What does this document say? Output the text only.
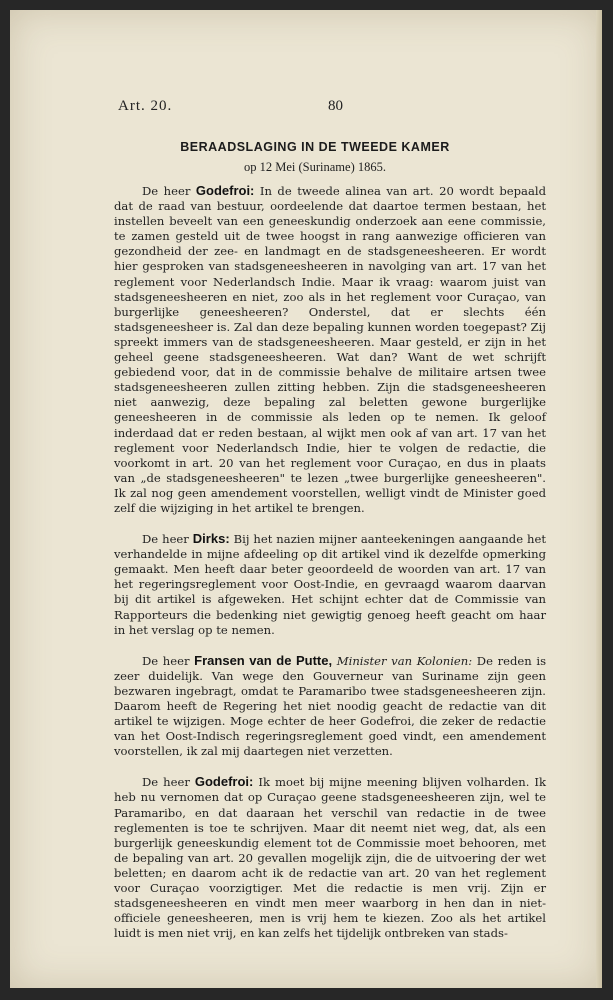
Art. 20.	80
BERAADSLAGING IN DE TWEEDE KAMER
op 12 Mei (Suriname) 1865.

De heer Godefroi: In de tweede alinea van art. 20 wordt bepaald dat de raad van bestuur, oordeelende dat daartoe termen bestaan, het instellen beveelt van een geneeskundig onderzoek aan eene commissie, te zamen gesteld uit de twee hoogst in rang aanwezige officieren van gezondheid der zee- en landmagt en de stadsgeneesheeren. Er wordt hier gesproken van stadsgeneesheeren in navolging van art. 17 van het reglement voor Nederlandsch Indie. Maar ik vraag: waarom juist van stadsgeneesheeren en niet, zoo als in het reglement voor Curaçao, van burgerlijke geneesheeren? Onderstel, dat er slechts één stadsgeneesheer is. Zal dan deze bepaling kunnen worden toegepast? Zij spreekt immers van de stadsgeneesheeren. Maar gesteld, er zijn in het geheel geene stadsgeneesheeren. Wat dan? Want de wet schrijft gebiedend voor, dat in de commissie behalve de militaire artsen twee stadsgeneesheeren zullen zitting hebben. Zijn die stadsgeneesheeren niet aanwezig, deze bepaling zal beletten gewone burgerlijke geneesheeren in de commissie als leden op te nemen. Ik geloof inderdaad dat er reden bestaan, al wijkt men ook af van art. 17 van het reglement voor Nederlandsch Indie, hier te volgen de redactie, die voorkomt in art. 20 van het reglement voor Curaçao, en dus in plaats van „de stadsgeneesheeren" te lezen „twee burgerlijke geneesheeren". Ik zal nog geen amendement voorstellen, welligt vindt de Minister goed zelf die wijziging in het artikel te brengen.

De heer Dirks: Bij het nazien mijner aanteekeningen aangaande het verhandelde in mijne afdeeling op dit artikel vind ik dezelfde opmerking gemaakt. Men heeft daar beter geoordeeld de woorden van art. 17 van het regeringsreglement voor Oost-Indie, en gevraagd waarom daarvan bij dit artikel is afgeweken. Het schijnt echter dat de Commissie van Rapporteurs die bedenking niet gewigtig genoeg heeft geacht om haar in het verslag op te nemen.

De heer Fransen van de Putte, Minister van Kolonien: De reden is zeer duidelijk. Van wege den Gouverneur van Suriname zijn geen bezwaren ingebragt, omdat te Paramaribo twee stadsgeneesheeren zijn. Daarom heeft de Regering het niet noodig geacht de redactie van dit artikel te wijzigen. Moge echter de heer Godefroi, die zeker de redactie van het Oost-Indisch regeringsreglement goed vindt, een amendement voorstellen, ik zal mij daartegen niet verzetten.

De heer Godefroi: Ik moet bij mijne meening blijven volharden. Ik heb nu vernomen dat op Curaçao geene stadsgeneesheeren zijn, wel te Paramaribo, en dat daaraan het verschil van redactie in de twee reglementen is toe te schrijven. Maar dit neemt niet weg, dat, als een burgerlijk geneeskundig element tot de Commissie moet behooren, met de bepaling van art. 20 gevallen mogelijk zijn, die de uitvoering der wet beletten; en daarom acht ik de redactie van art. 20 van het reglement voor Curaçao voorzigtiger. Met die redactie is men vrij. Zijn er stadsgeneesheeren en vindt men meer waarborg in hen dan in niet-officiele geneesheeren, men is vrij hem te kiezen. Zoo als het artikel luidt is men niet vrij, en kan zelfs het tijdelijk ontbreken van stads-
